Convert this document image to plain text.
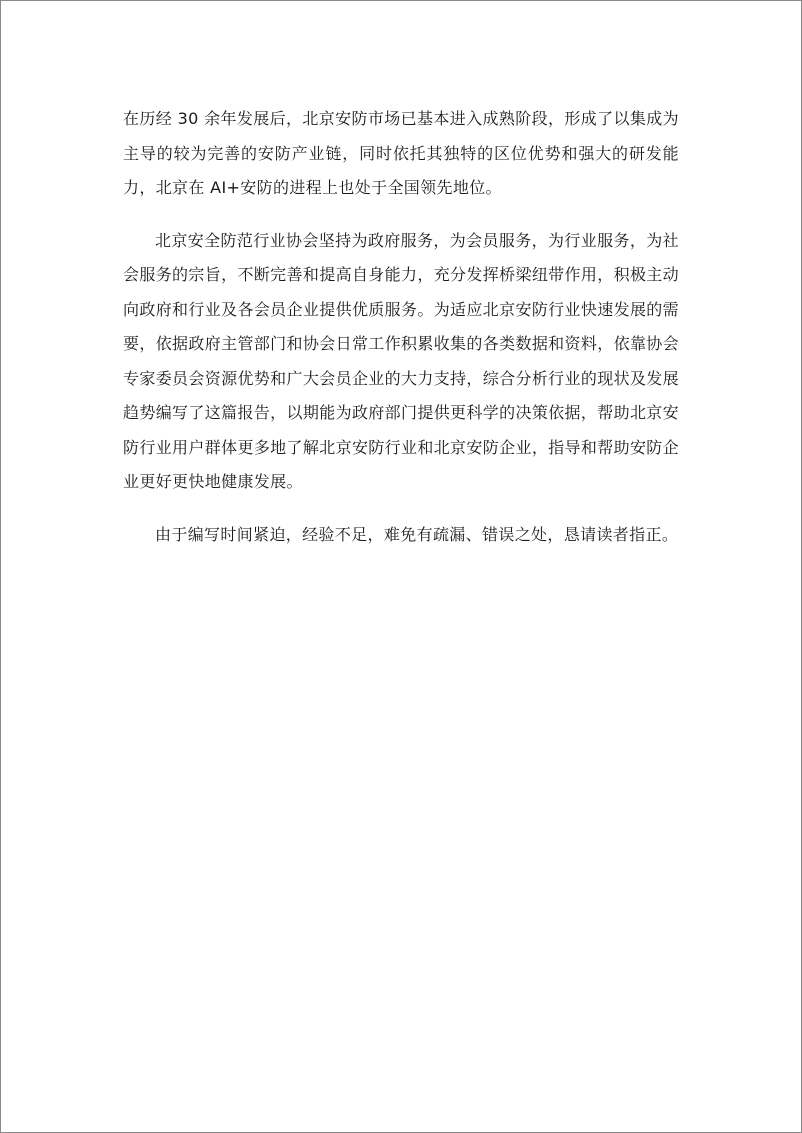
在历经 30 余年发展后，北京安防市场已基本进入成熟阶段，形成了以集成为主导的较为完善的安防产业链，同时依托其独特的区位优势和强大的研发能力，北京在 AI+安防的进程上也处于全国领先地位。

北京安全防范行业协会坚持为政府服务，为会员服务，为行业服务，为社会服务的宗旨，不断完善和提高自身能力，充分发挥桥梁纽带作用，积极主动向政府和行业及各会员企业提供优质服务。为适应北京安防行业快速发展的需要，依据政府主管部门和协会日常工作积累收集的各类数据和资料，依靠协会专家委员会资源优势和广大会员企业的大力支持，综合分析行业的现状及发展趋势编写了这篇报告，以期能为政府部门提供更科学的决策依据，帮助北京安防行业用户群体更多地了解北京安防行业和北京安防企业，指导和帮助安防企业更好更快地健康发展。

由于编写时间紧迫，经验不足，难免有疏漏、错误之处，恳请读者指正。
